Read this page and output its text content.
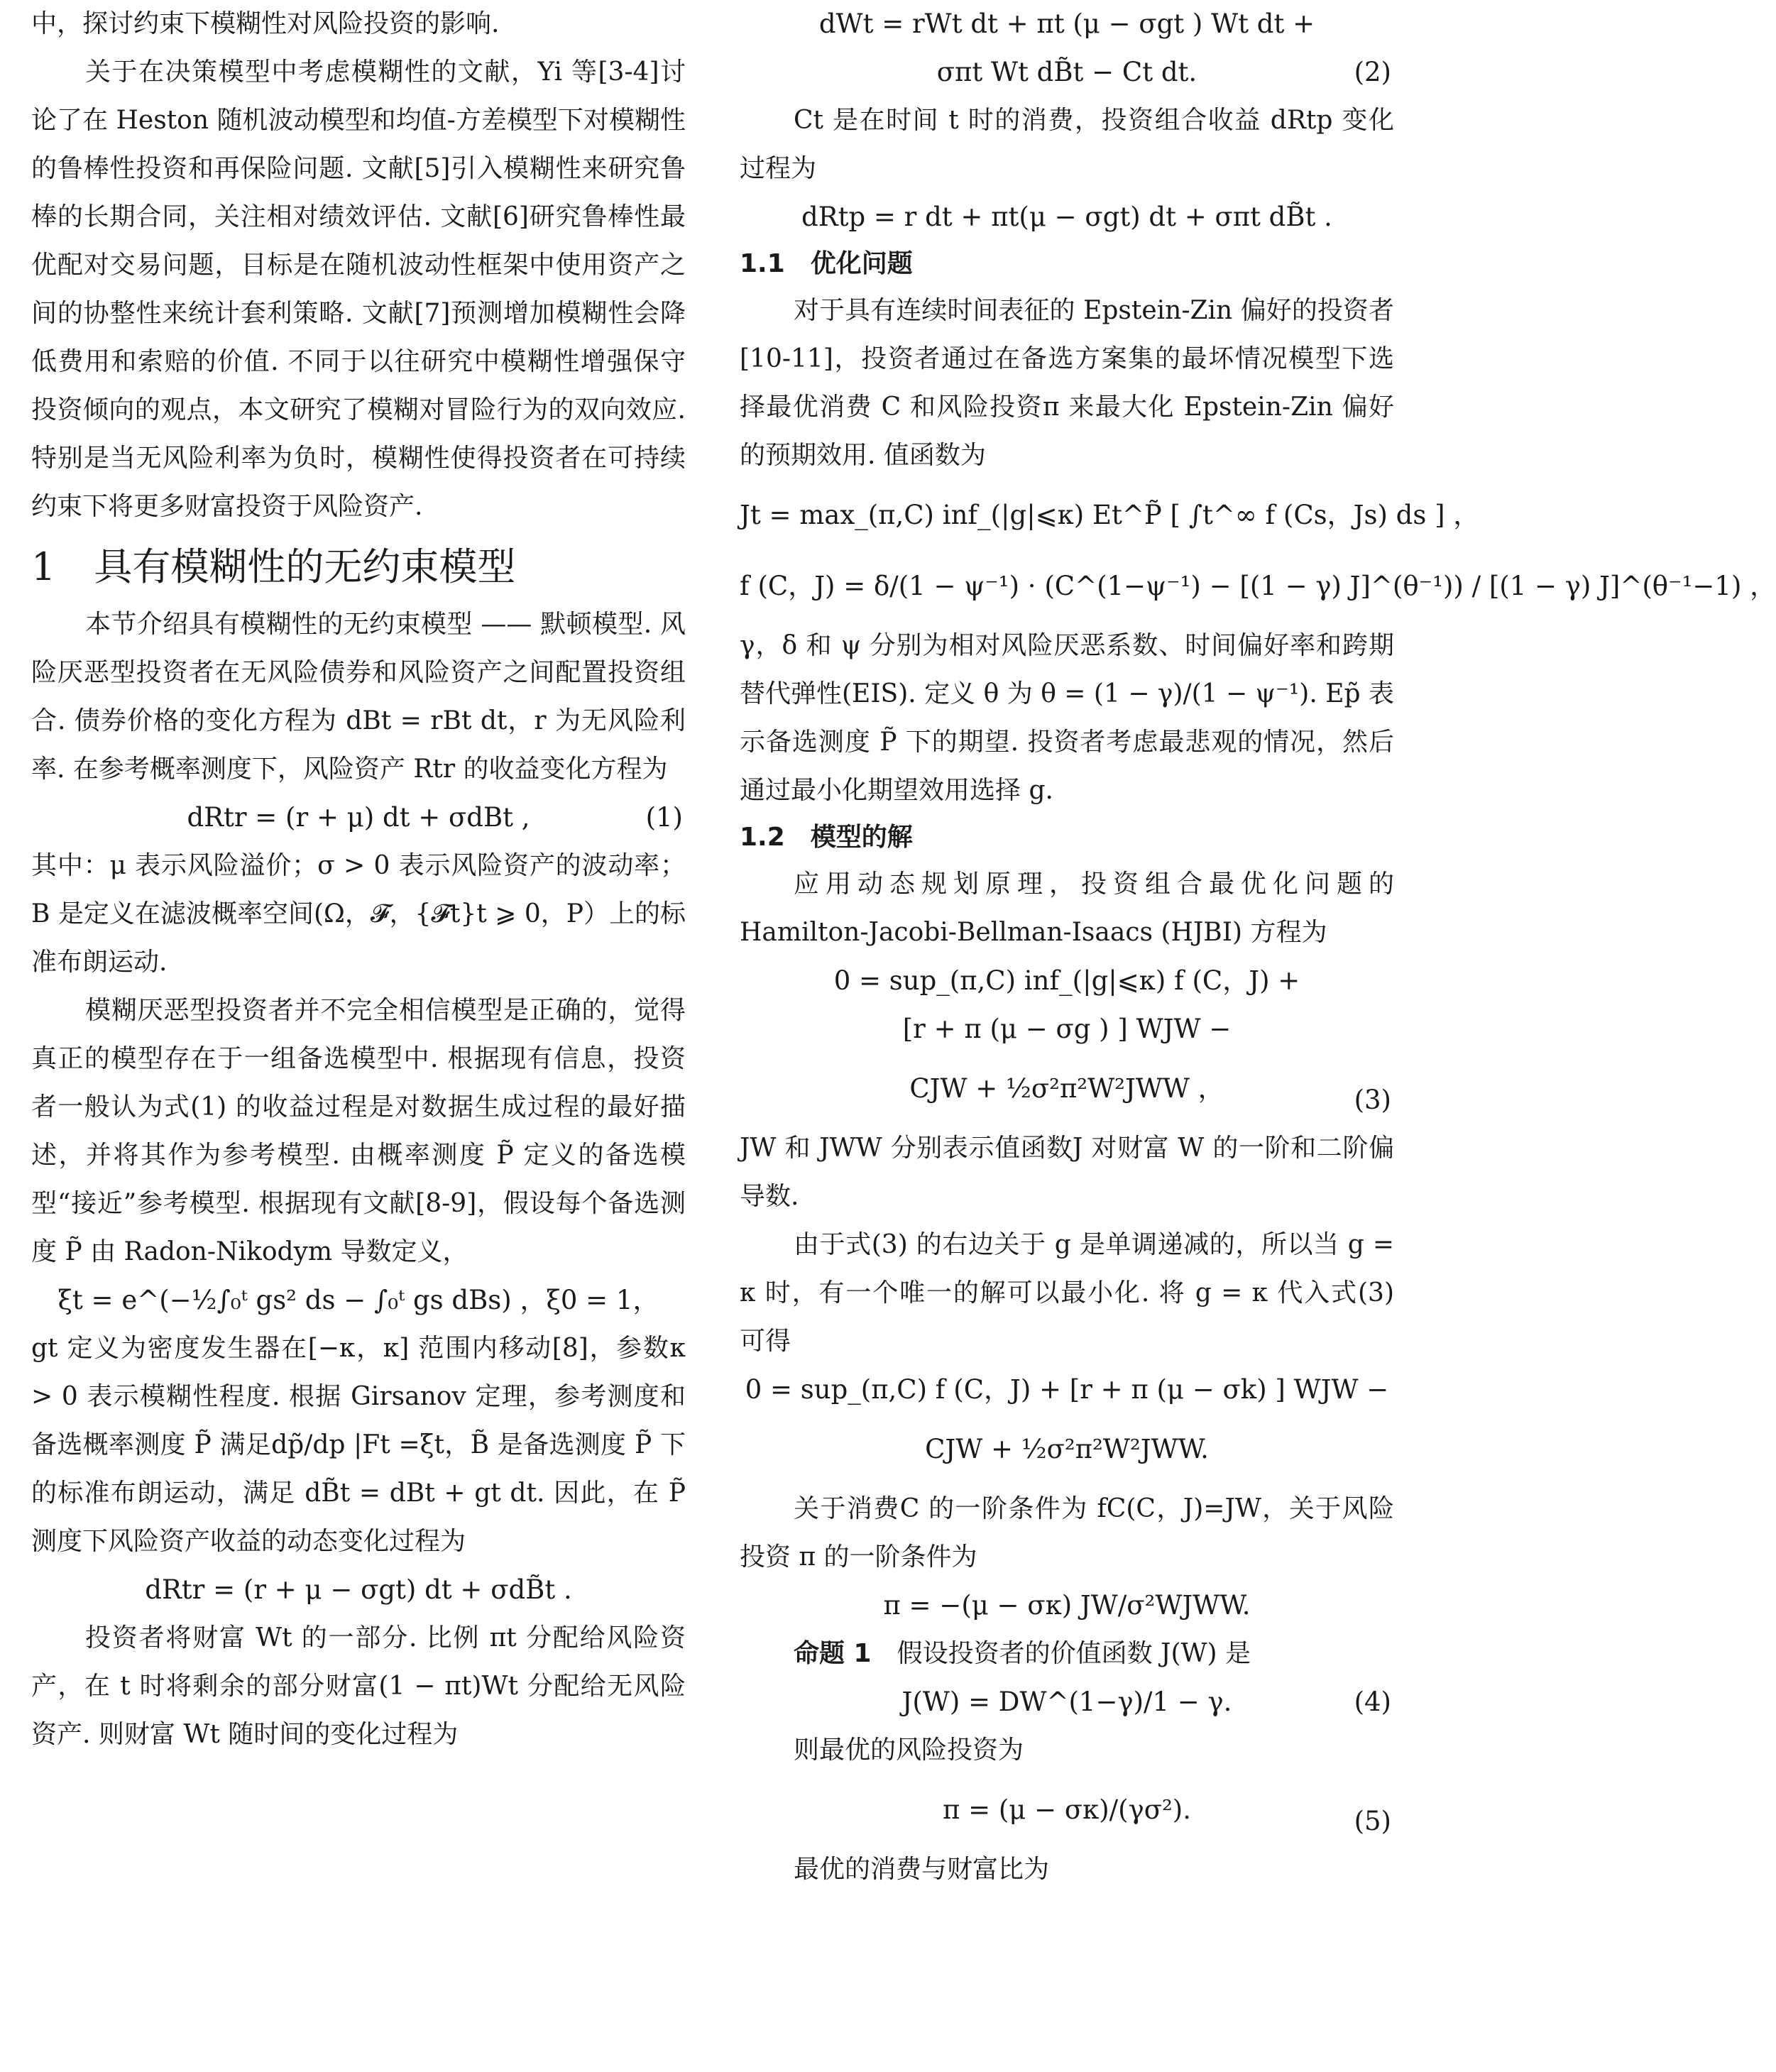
中，探讨约束下模糊性对风险投资的影响.
关于在决策模型中考虑模糊性的文献，Yi 等[3-4]讨论了在 Heston 随机波动模型和均值-方差模型下对模糊性的鲁棒性投资和再保险问题. 文献[5]引入模糊性来研究鲁棒的长期合同，关注相对绩效评估. 文献[6]研究鲁棒性最优配对交易问题，目标是在随机波动性框架中使用资产之间的协整性来统计套利策略. 文献[7]预测增加模糊性会降低费用和索赔的价值. 不同于以往研究中模糊性增强保守投资倾向的观点，本文研究了模糊对冒险行为的双向效应. 特别是当无风险利率为负时，模糊性使得投资者在可持续约束下将更多财富投资于风险资产.
1　具有模糊性的无约束模型
本节介绍具有模糊性的无约束模型 —— 默顿模型. 风险厌恶型投资者在无风险债券和风险资产之间配置投资组合. 债券价格的变化方程为 dBt = rBt dt，r 为无风险利率. 在参考概率测度下，风险资产 Rtr 的收益变化方程为
dRtr = (r + μ) dt + σdBt ,	(1)
其中：μ 表示风险溢价；σ > 0 表示风险资产的波动率；B 是定义在滤波概率空间(Ω，𝓕，{𝓕t}t ⩾ 0，P）上的标准布朗运动.
模糊厌恶型投资者并不完全相信模型是正确的，觉得真正的模型存在于一组备选模型中. 根据现有信息，投资者一般认为式(1) 的收益过程是对数据生成过程的最好描述，并将其作为参考模型. 由概率测度 P̃ 定义的备选模型“接近”参考模型. 根据现有文献[8-9]，假设每个备选测度 P̃ 由 Radon-Nikodym 导数定义，
ξt = e^(−½∫₀ᵗ gs² ds − ∫₀ᵗ gs dBs) ，ξ0 = 1，
gt 定义为密度发生器在[−κ，κ] 范围内移动[8]，参数κ > 0 表示模糊性程度. 根据 Girsanov 定理，参考测度和备选概率测度 P̃ 满足dp̃/dp |Ft =ξt，B̃ 是备选测度 P̃ 下的标准布朗运动，满足 dB̃t = dBt + gt dt. 因此，在 P̃ 测度下风险资产收益的动态变化过程为
dRtr = (r + μ − σgt) dt + σdB̃t .
投资者将财富 Wt 的一部分. 比例 πt 分配给风险资产，在 t 时将剩余的部分财富(1 − πt)Wt 分配给无风险资产. 则财富 Wt 随时间的变化过程为
dWt = rWt dt + πt (μ − σgt ) Wt dt +
σπt Wt dB̃t − Ct dt.	(2)
Ct 是在时间 t 时的消费，投资组合收益 dRtp 变化过程为
dRtp = r dt + πt(μ − σgt) dt + σπt dB̃t .
1.1　优化问题
对于具有连续时间表征的 Epstein-Zin 偏好的投资者[10-11]，投资者通过在备选方案集的最坏情况模型下选择最优消费 C 和风险投资π 来最大化 Epstein-Zin 偏好的预期效用. 值函数为
Jt = max_(π,C) inf_(|g|⩽κ) Et^P̃ [ ∫t^∞ f (Cs，Js) ds ] ，
f (C，J) = δ/(1 − ψ⁻¹) · (C^(1−ψ⁻¹) − [(1 − γ) J]^(θ⁻¹)) / [(1 − γ) J]^(θ⁻¹−1) ，
γ，δ 和 ψ 分别为相对风险厌恶系数、时间偏好率和跨期替代弹性(EIS). 定义 θ 为 θ = (1 − γ)/(1 − ψ⁻¹). Ep̃ 表示备选测度 P̃ 下的期望. 投资者考虑最悲观的情况，然后通过最小化期望效用选择 g.
1.2　模型的解
应用动态规划原理，投资组合最优化问题的 Hamilton-Jacobi-Bellman-Isaacs (HJBI) 方程为
0 = sup_(π,C) inf_(|g|⩽κ) f (C，J) +
[r + π (μ − σg ) ] WJW −
CJW + ½σ²π²W²JWW ，	(3)
JW 和 JWW 分别表示值函数J 对财富 W 的一阶和二阶偏导数.
由于式(3) 的右边关于 g 是单调递减的，所以当 g = κ 时，有一个唯一的解可以最小化. 将 g = κ 代入式(3) 可得
0 = sup_(π,C) f (C，J) + [r + π (μ − σk) ] WJW −
CJW + ½σ²π²W²JWW.
关于消费C 的一阶条件为 fC(C，J)=JW，关于风险投资 π 的一阶条件为
π = −(μ − σκ) JW/σ²WJWW.
命题 1　假设投资者的价值函数 J(W) 是
J(W) = DW^(1−γ)/1 − γ.	(4)
则最优的风险投资为
π = (μ − σκ)/(γσ²).	(5)
最优的消费与财富比为
